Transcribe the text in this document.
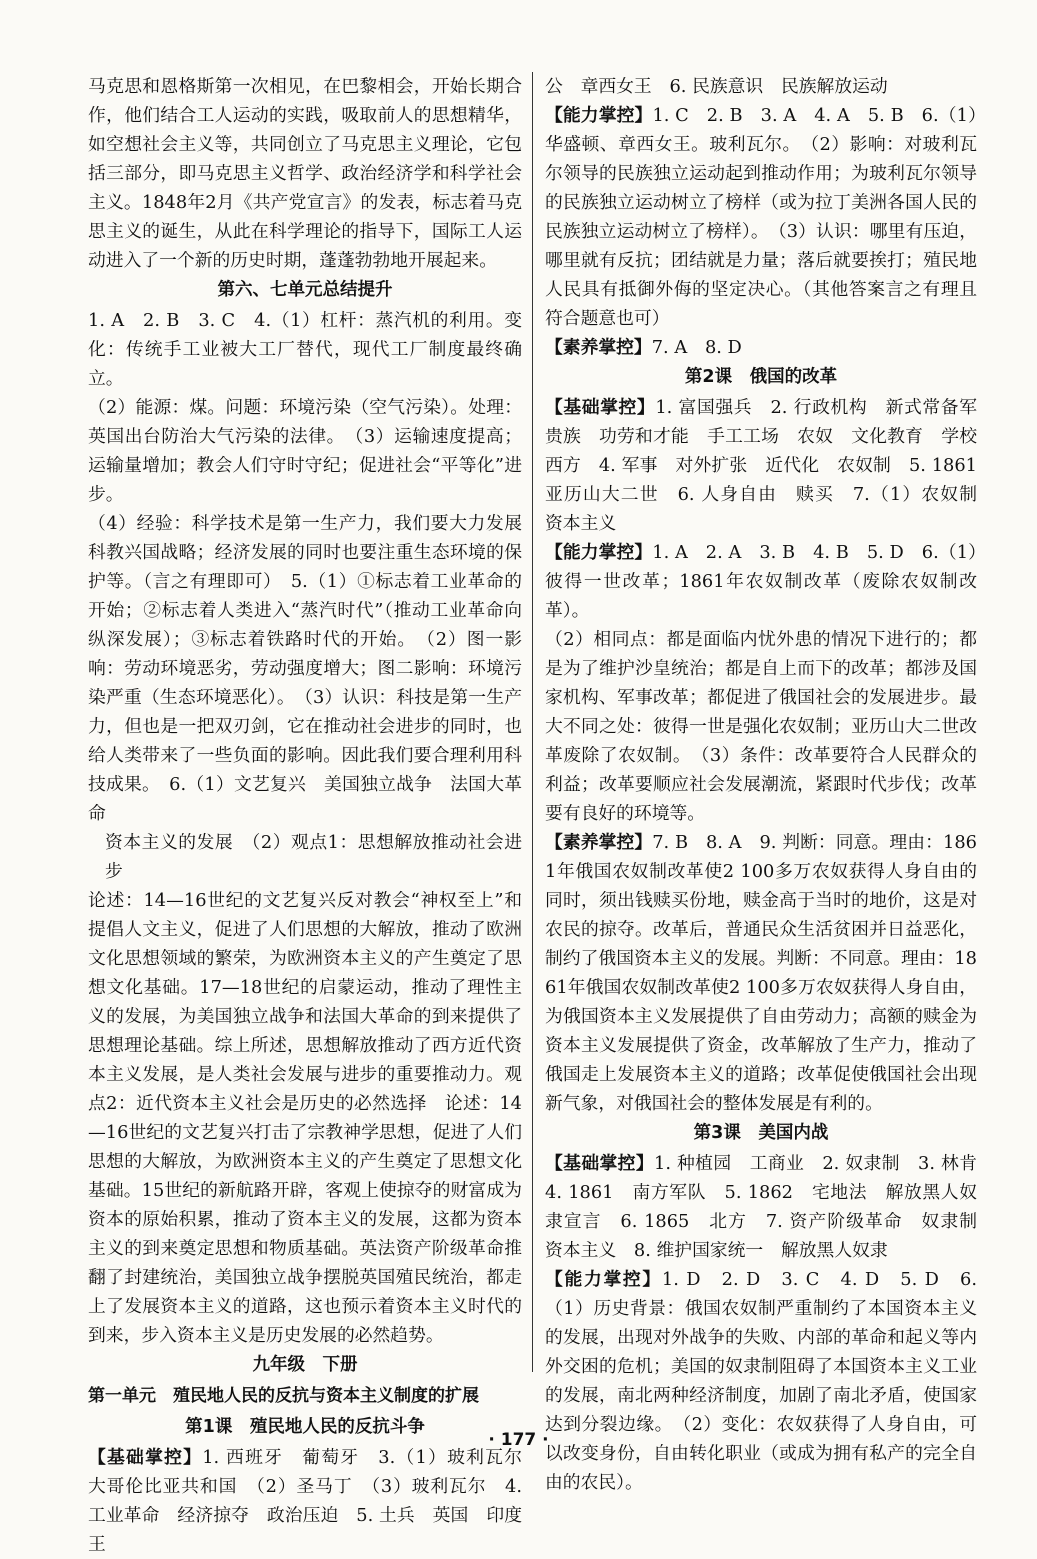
马克思和恩格斯第一次相见，在巴黎相会，开始长期合作，他们结合工人运动的实践，吸取前人的思想精华，如空想社会主义等，共同创立了马克思主义理论，它包括三部分，即马克思主义哲学、政治经济学和科学社会主义。1848年2月《共产党宣言》的发表，标志着马克思主义的诞生，从此在科学理论的指导下，国际工人运动进入了一个新的历史时期，蓬蓬勃勃地开展起来。

第六、七单元总结提升

1. A　2. B　3. C　4.（1）杠杆：蒸汽机的利用。变化：传统手工业被大工厂替代，现代工厂制度最终确立。

（2）能源：煤。问题：环境污染（空气污染）。处理：英国出台防治大气污染的法律。　（3）运输速度提高；运输量增加；教会人们守时守纪；促进社会“平等化”进步。

（4）经验：科学技术是第一生产力，我们要大力发展科教兴国战略；经济发展的同时也要注重生态环境的保护等。（言之有理即可）　5.（1）①标志着工业革命的开始；②标志着人类进入“蒸汽时代”（推动工业革命向纵深发展）；③标志着铁路时代的开始。　（2）图一影响：劳动环境恶劣，劳动强度增大；图二影响：环境污染严重（生态环境恶化）。　（3）认识：科技是第一生产力，但也是一把双刃剑，它在推动社会进步的同时，也给人类带来了一些负面的影响。因此我们要合理利用科技成果。　6.（1）文艺复兴　美国独立战争　法国大革命

资本主义的发展　（2）观点1：思想解放推动社会进步

论述：14—16世纪的文艺复兴反对教会“神权至上”和提倡人文主义，促进了人们思想的大解放，推动了欧洲文化思想领域的繁荣，为欧洲资本主义的产生奠定了思想文化基础。17—18世纪的启蒙运动，推动了理性主义的发展，为美国独立战争和法国大革命的到来提供了思想理论基础。综上所述，思想解放推动了西方近代资本主义发展，是人类社会发展与进步的重要推动力。观点2：近代资本主义社会是历史的必然选择　论述：14—16世纪的文艺复兴打击了宗教神学思想，促进了人们思想的大解放，为欧洲资本主义的产生奠定了思想文化基础。15世纪的新航路开辟，客观上使掠夺的财富成为资本的原始积累，推动了资本主义的发展，这都为资本主义的到来奠定思想和物质基础。英法资产阶级革命推翻了封建统治，美国独立战争摆脱英国殖民统治，都走上了发展资本主义的道路，这也预示着资本主义时代的到来，步入资本主义是历史发展的必然趋势。

九年级　下册

第一单元　殖民地人民的反抗与资本主义制度的扩展

第1课　殖民地人民的反抗斗争

【基础掌控】1. 西班牙　葡萄牙　3.（1）玻利瓦尔　大哥伦比亚共和国　（2）圣马丁　（3）玻利瓦尔　4. 工业革命　经济掠夺　政治压迫　5. 土兵　英国　印度王

公　章西女王　6. 民族意识　民族解放运动

【能力掌控】1. C　2. B　3. A　4. A　5. B　6.（1）华盛顿、章西女王。玻利瓦尔。　（2）影响：对玻利瓦尔领导的民族独立运动起到推动作用；为玻利瓦尔领导的民族独立运动树立了榜样（或为拉丁美洲各国人民的民族独立运动树立了榜样）。　（3）认识：哪里有压迫，哪里就有反抗；团结就是力量；落后就要挨打；殖民地人民具有抵御外侮的坚定决心。（其他答案言之有理且符合题意也可）

【素养掌控】7. A　8. D

第2课　俄国的改革

【基础掌控】1. 富国强兵　2. 行政机构　新式常备军　贵族　功劳和才能　手工工场　农奴　文化教育　学校　西方　4. 军事　对外扩张　近代化　农奴制　5. 1861　亚历山大二世　6. 人身自由　赎买　7.（1）农奴制　资本主义

【能力掌控】1. A　2. A　3. B　4. B　5. D　6.（1）彼得一世改革；1861年农奴制改革（废除农奴制改革）。

（2）相同点：都是面临内忧外患的情况下进行的；都是为了维护沙皇统治；都是自上而下的改革；都涉及国家机构、军事改革；都促进了俄国社会的发展进步。最大不同之处：彼得一世是强化农奴制；亚历山大二世改革废除了农奴制。　（3）条件：改革要符合人民群众的利益；改革要顺应社会发展潮流，紧跟时代步伐；改革要有良好的环境等。

【素养掌控】7. B　8. A　9. 判断：同意。理由：1861年俄国农奴制改革使2 100多万农奴获得人身自由的同时，须出钱赎买份地，赎金高于当时的地价，这是对农民的掠夺。改革后，普通民众生活贫困并日益恶化，制约了俄国资本主义的发展。判断：不同意。理由：1861年俄国农奴制改革使2 100多万农奴获得人身自由，为俄国资本主义发展提供了自由劳动力；高额的赎金为资本主义发展提供了资金，改革解放了生产力，推动了俄国走上发展资本主义的道路；改革促使俄国社会出现新气象，对俄国社会的整体发展是有利的。

第3课　美国内战

【基础掌控】1. 种植园　工商业　2. 奴隶制　3. 林肯　4. 1861　南方军队　5. 1862　宅地法　解放黑人奴隶宣言　6. 1865　北方　7. 资产阶级革命　奴隶制　资本主义　8. 维护国家统一　解放黑人奴隶

【能力掌控】1. D　2. D　3. C　4. D　5. D　6.（1）历史背景：俄国农奴制严重制约了本国资本主义的发展，出现对外战争的失败、内部的革命和起义等内外交困的危机；美国的奴隶制阻碍了本国资本主义工业的发展，南北两种经济制度，加剧了南北矛盾，使国家达到分裂边缘。　（2）变化：农奴获得了人身自由，可以改变身份，自由转化职业（或成为拥有私产的完全自由的农民）。

· 177 ·
